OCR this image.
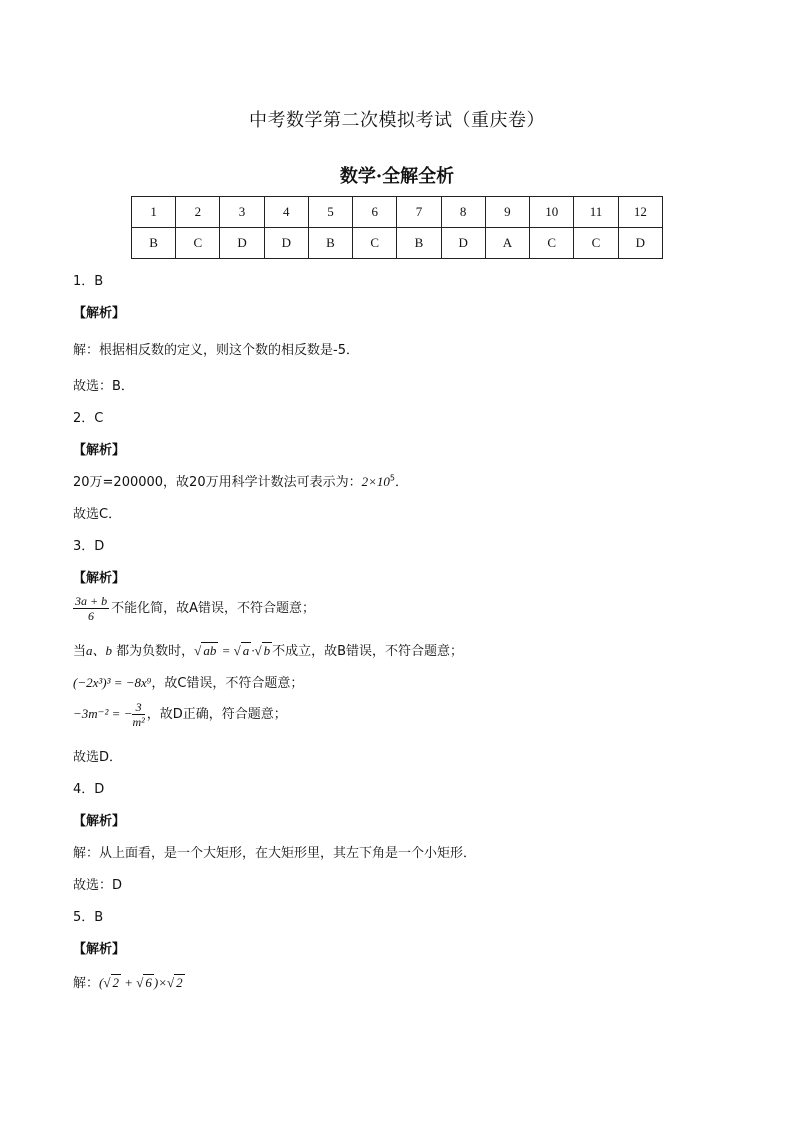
中考数学第二次模拟考试（重庆卷）
数学·全解全析
1	2	3	4	5	6	7	8	9	10	11	12
B	C	D	D	B	C	B	D	A	C	C	D
1．B
【解析】
解：根据相反数的定义，则这个数的相反数是-5．
故选：B．
2．C
【解析】
20万=200000，故20万用科学计数法可表示为：$2\times 10^5$．
故选C．
3．D
【解析】
$\frac{3a + b}{6}$ 不能化简，故A错误，不符合题意；
当a、b 都为负数时，√ ab = √ a ·√ b 不成立，故B错误，不符合题意；
(−2x³)³ = −8x⁹，故C错误，不符合题意；
−3m⁻² = − $\frac{3}{\text{m²}}$ ，故D正确，符合题意；
故选D．
4．D
【解析】
解：从上面看，是一个大矩形，在大矩形里，其左下角是一个小矩形．
故选：D
5．B
【解析】
解：(√ 2 + √ 6 )×√ 2
